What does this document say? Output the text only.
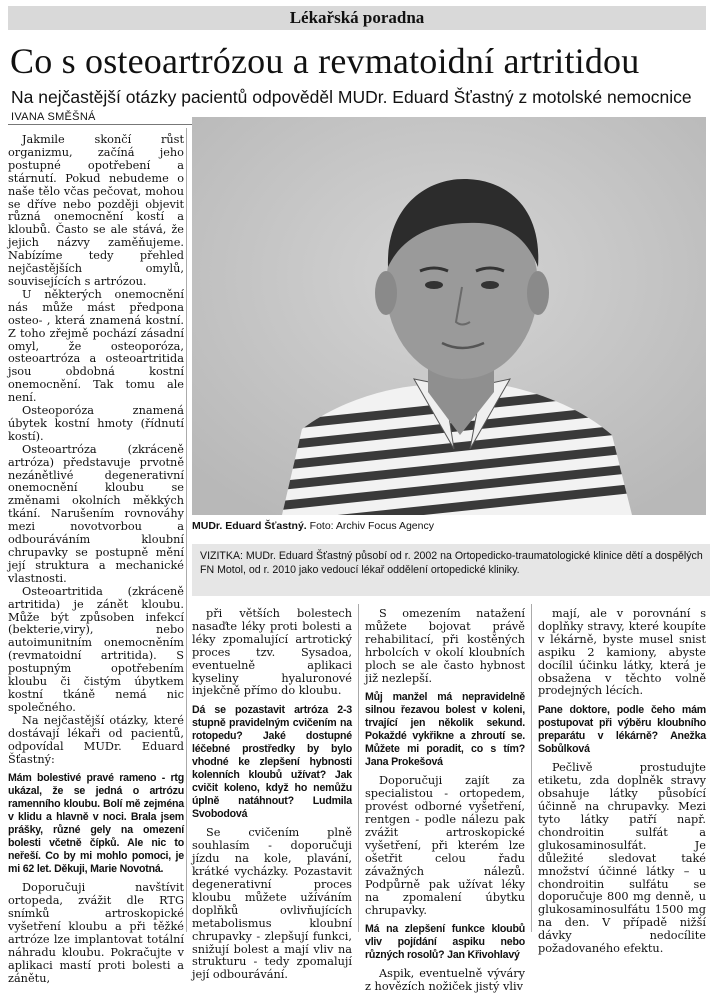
Lékařská poradna
Co s osteoartrózou a revmatoidní artritidou
Na nejčastější otázky pacientů odpověděl MUDr. Eduard Šťastný z motolské nemocnice
IVANA SMĚŠNÁ
MUDr. Eduard Šťastný. Foto: Archiv Focus Agency
VIZITKA: MUDr. Eduard Šťastný působí od r. 2002 na Ortopedicko-traumatologické klinice dětí a dospělých FN Motol, od r. 2010 jako vedoucí lékař oddělení ortopedické kliniky.

Jakmile skončí růst organizmu, začíná jeho postupné opotřebení a stárnutí. Pokud nebudeme o naše tělo včas pečovat, mohou se dříve nebo později objevit různá onemocnění kostí a kloubů. Často se ale stává, že jejich názvy zaměňujeme. Nabízíme tedy přehled nejčastějších omylů, souvisejících s artrózou.

U některých onemocnění nás může mást předpona osteo- , která znamená kostní. Z toho zřejmě pochází zásadní omyl, že osteoporóza, osteoartróza a osteoartritida jsou obdobná kostní onemocnění. Tak tomu ale není.

Osteoporóza znamená úbytek kostní hmoty (řídnutí kostí).

Osteoartróza (zkráceně artróza) představuje prvotně nezánětlivé degenerativní onemocnění kloubu se změnami okolních měkkých tkání. Narušením rovnováhy mezi novotvorbou a odbouráváním kloubní chrupavky se postupně mění její struktura a mechanické vlastnosti.

Osteoartritida (zkráceně artritida) je zánět kloubu. Může být způsoben infekcí (bekterie,viry), nebo autoimunitním onemocněním (revmatoidní artritida). S postupným opotřebením kloubu či čistým úbytkem kostní tkáně nemá nic společného.

Na nejčastější otázky, které dostávají lékaři od pacientů, odpovídal MUDr. Eduard Šťastný:

Mám bolestivé pravé rameno - rtg ukázal, že se jedná o artrózu ramenního kloubu. Bolí mě zejména v klidu a hlavně v noci. Brala jsem prášky, různé gely na omezení bolesti včetně čípků. Ale nic to neřeší. Co by mi mohlo pomoci, je mi 62 let. Děkuji, Marie Novotná.

Doporučuji navštívit ortopeda, zvážit dle RTG snímků artroskopické vyšetření kloubu a při těžké artróze lze implantovat totální náhradu kloubu. Pokračujte v aplikaci mastí proti bolesti a zánětu,

při větších bolestech nasaďte léky proti bolesti a léky zpomalující artrotický proces tzv. Sysadoa, eventuelně aplikaci kyseliny hyaluronové injekčně přímo do kloubu.

Dá se pozastavit artróza 2-3 stupně pravidelným cvičením na rotopedu? Jaké dostupné léčebné prostředky by bylo vhodné ke zlepšení hybnosti kolenních kloubů užívat? Jak cvičit koleno, když ho nemůžu úplně natáhnout? Ludmila Svobodová

Se cvičením plně souhlasím - doporučuji jízdu na kole, plavání, krátké vycházky. Pozastavit degenerativní proces kloubu můžete užíváním doplňků ovlivňujících metabolismus kloubní chrupavky - zlepšují funkci, snižují bolest a mají vliv na strukturu - tedy zpomalují její odbourávání.

S omezením natažení můžete bojovat právě rehabilitací, při kostěných hrbolcích v okolí kloubních ploch se ale často hybnost již nezlepší.

Můj manžel má nepravidelně silnou řezavou bolest v koleni, trvající jen několik sekund. Pokaždé vykřikne a zhroutí se. Můžete mi poradit, co s tím? Jana Prokešová

Doporučuji zajít za specialistou - ortopedem, provést odborné vyšetření, rentgen - podle nálezu pak zvážit artroskopické vyšetření, při kterém lze ošetřit celou řadu závažných nálezů. Podpůrně pak užívat léky na zpomalení úbytku chrupavky.

Má na zlepšení funkce kloubů vliv pojídání aspiku nebo různých rosolů? Jan Křivohlavý

Aspik, eventuelně výváry z hovězích nožiček jistý vliv

mají, ale v porovnání s doplňky stravy, které koupíte v lékárně, byste musel snist aspiku 2 kamiony, abyste docílil účinku látky, která je obsažena v těchto volně prodejných lécích.

Pane doktore, podle čeho mám postupovat při výběru kloubního preparátu v lékárně? Anežka Sobůlková

Pečlivě prostudujte etiketu, zda doplněk stravy obsahuje látky působící účinně na chrupavky. Mezi tyto látky patří např. chondroitin sulfát a glukosaminosulfát. Je důležité sledovat také množství účinné látky – u chondroitin sulfátu se doporučuje 800 mg denně, u glukosaminosulfátu 1500 mg na den. V případě nižší dávky nedocílite požadovaného efektu.
